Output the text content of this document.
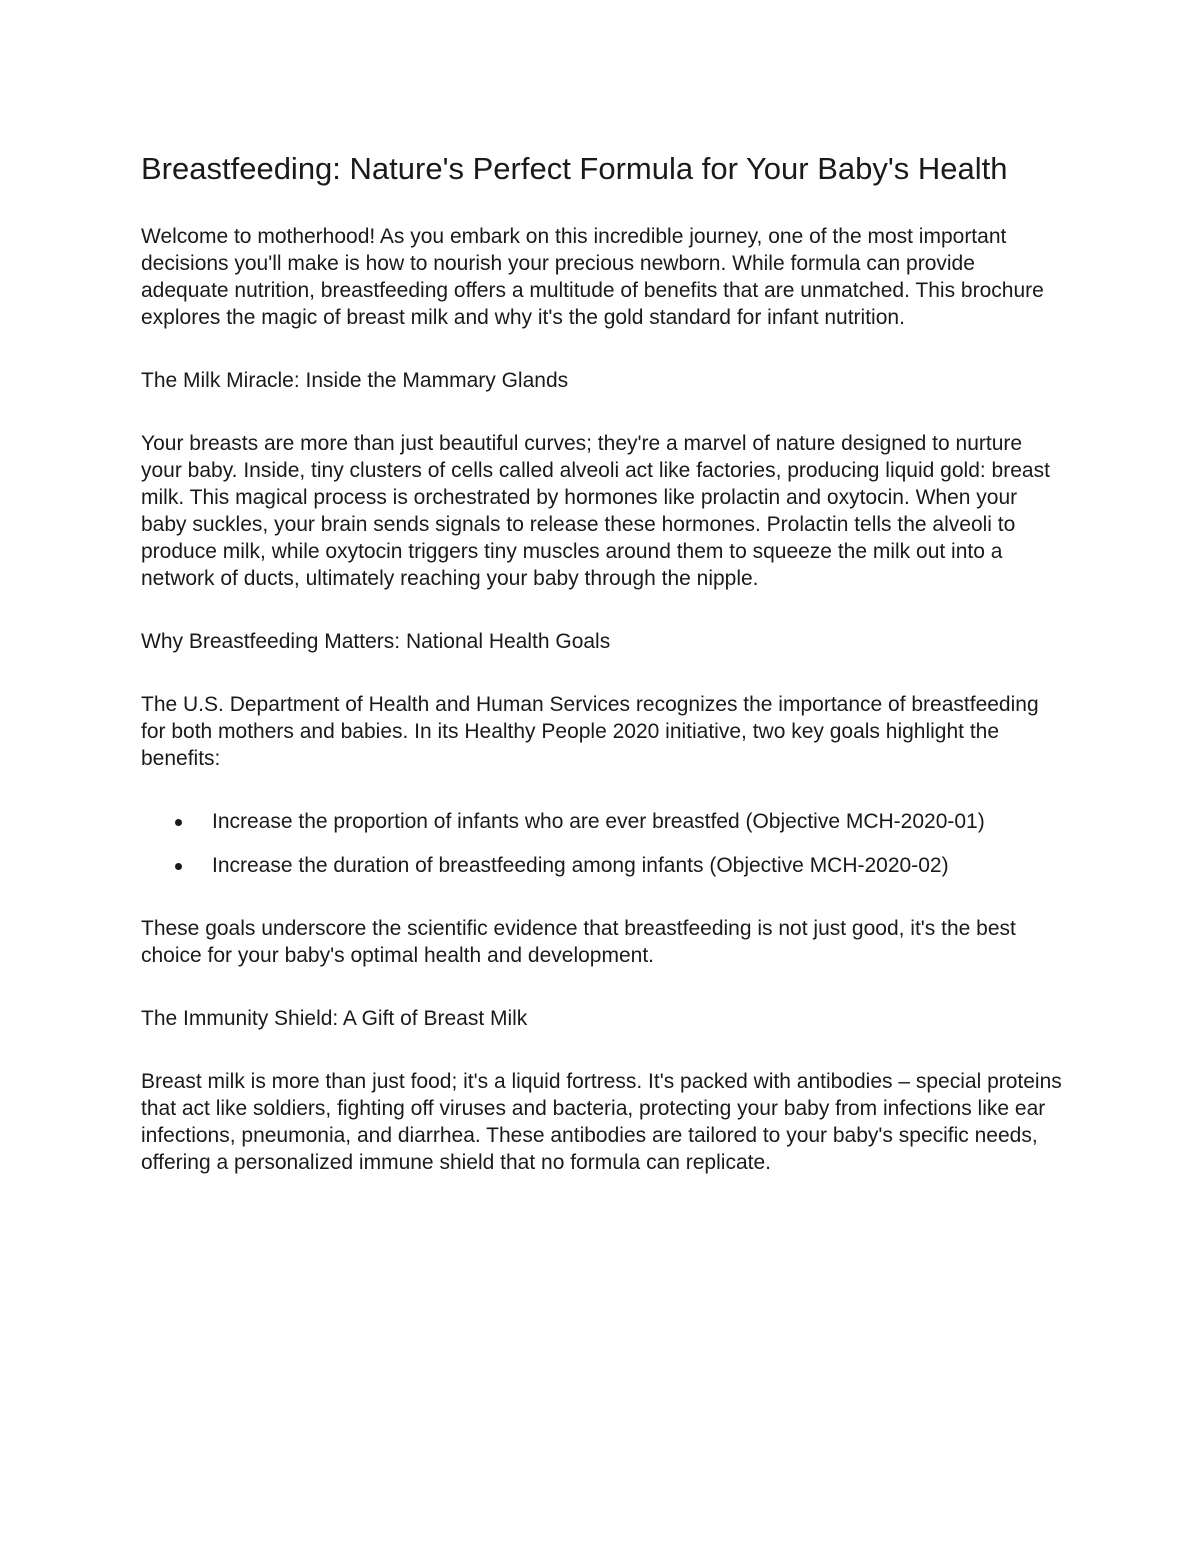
Breastfeeding: Nature's Perfect Formula for Your Baby's Health

Welcome to motherhood! As you embark on this incredible journey, one of the most important decisions you'll make is how to nourish your precious newborn. While formula can provide adequate nutrition, breastfeeding offers a multitude of benefits that are unmatched. This brochure explores the magic of breast milk and why it's the gold standard for infant nutrition.

The Milk Miracle: Inside the Mammary Glands

Your breasts are more than just beautiful curves; they're a marvel of nature designed to nurture your baby. Inside, tiny clusters of cells called alveoli act like factories, producing liquid gold: breast milk. This magical process is orchestrated by hormones like prolactin and oxytocin. When your baby suckles, your brain sends signals to release these hormones. Prolactin tells the alveoli to produce milk, while oxytocin triggers tiny muscles around them to squeeze the milk out into a network of ducts, ultimately reaching your baby through the nipple.

Why Breastfeeding Matters: National Health Goals

The U.S. Department of Health and Human Services recognizes the importance of breastfeeding for both mothers and babies. In its Healthy People 2020 initiative, two key goals highlight the benefits:

Increase the proportion of infants who are ever breastfed (Objective MCH-2020-01)
Increase the duration of breastfeeding among infants (Objective MCH-2020-02)

These goals underscore the scientific evidence that breastfeeding is not just good, it's the best choice for your baby's optimal health and development.

The Immunity Shield: A Gift of Breast Milk

Breast milk is more than just food; it's a liquid fortress. It's packed with antibodies – special proteins that act like soldiers, fighting off viruses and bacteria, protecting your baby from infections like ear infections, pneumonia, and diarrhea. These antibodies are tailored to your baby's specific needs, offering a personalized immune shield that no formula can replicate.
